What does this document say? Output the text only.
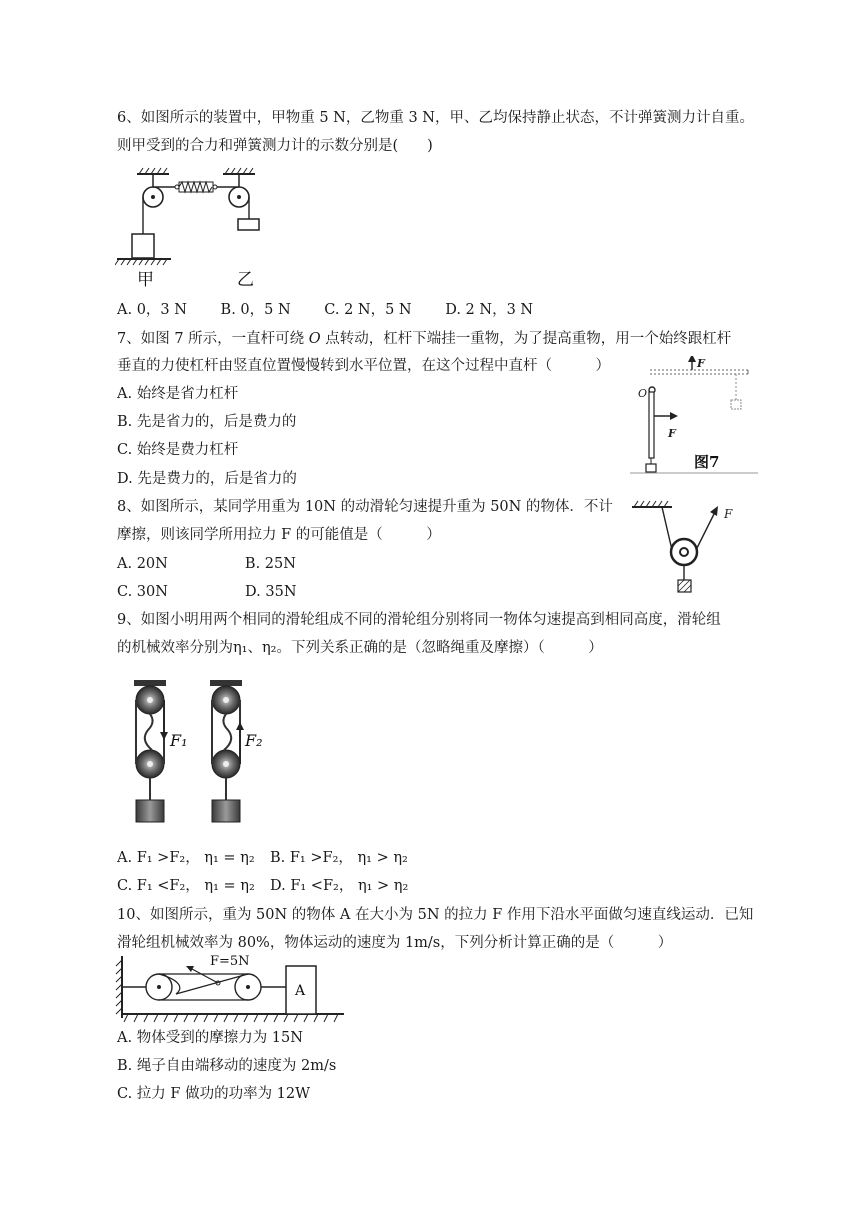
6、如图所示的装置中，甲物重 5 N，乙物重 3 N，甲、乙均保持静止状态，不计弹簧测力计自重。
则甲受到的合力和弹簧测力计的示数分别是(　　)
甲	乙
A. 0，3 N　　 B. 0，5 N　　 C. 2 N，5 N　　 D. 2 N，3 N
7、如图 7 所示，一直杆可绕 O 点转动，杠杆下端挂一重物，为了提高重物，用一个始终跟杠杆
垂直的力使杠杆由竖直位置慢慢转到水平位置，在这个过程中直杆（　　　）
A. 始终是省力杠杆
B. 先是省力的，后是费力的
C. 始终是费力杠杆
D. 先是费力的，后是省力的
F
O
F
图7
8、如图所示，某同学用重为 10N 的动滑轮匀速提升重为 50N 的物体．不计
摩擦，则该同学所用拉力 F 的可能值是（　　　）
A. 20N　　　　　 B. 25N
C. 30N　　　　　 D. 35N
F
9、如图小明用两个相同的滑轮组成不同的滑轮组分别将同一物体匀速提高到相同高度，滑轮组
的机械效率分别为η₁、η₂。下列关系正确的是（忽略绳重及摩擦）（　　　）
F₁	F₂
A. F₁ >F₂， η₁ = η₂ B. F₁ >F₂， η₁ > η₂
C. F₁ <F₂， η₁ = η₂ D. F₁ <F₂， η₁ > η₂
10、如图所示，重为 50N 的物体 A 在大小为 5N 的拉力 F 作用下沿水平面做匀速直线运动．已知
滑轮组机械效率为 80%，物体运动的速度为 1m/s，下列分析计算正确的是（　　　）
F=5N
A
A. 物体受到的摩擦力为 15N
B. 绳子自由端移动的速度为 2m/s
C. 拉力 F 做功的功率为 12W
